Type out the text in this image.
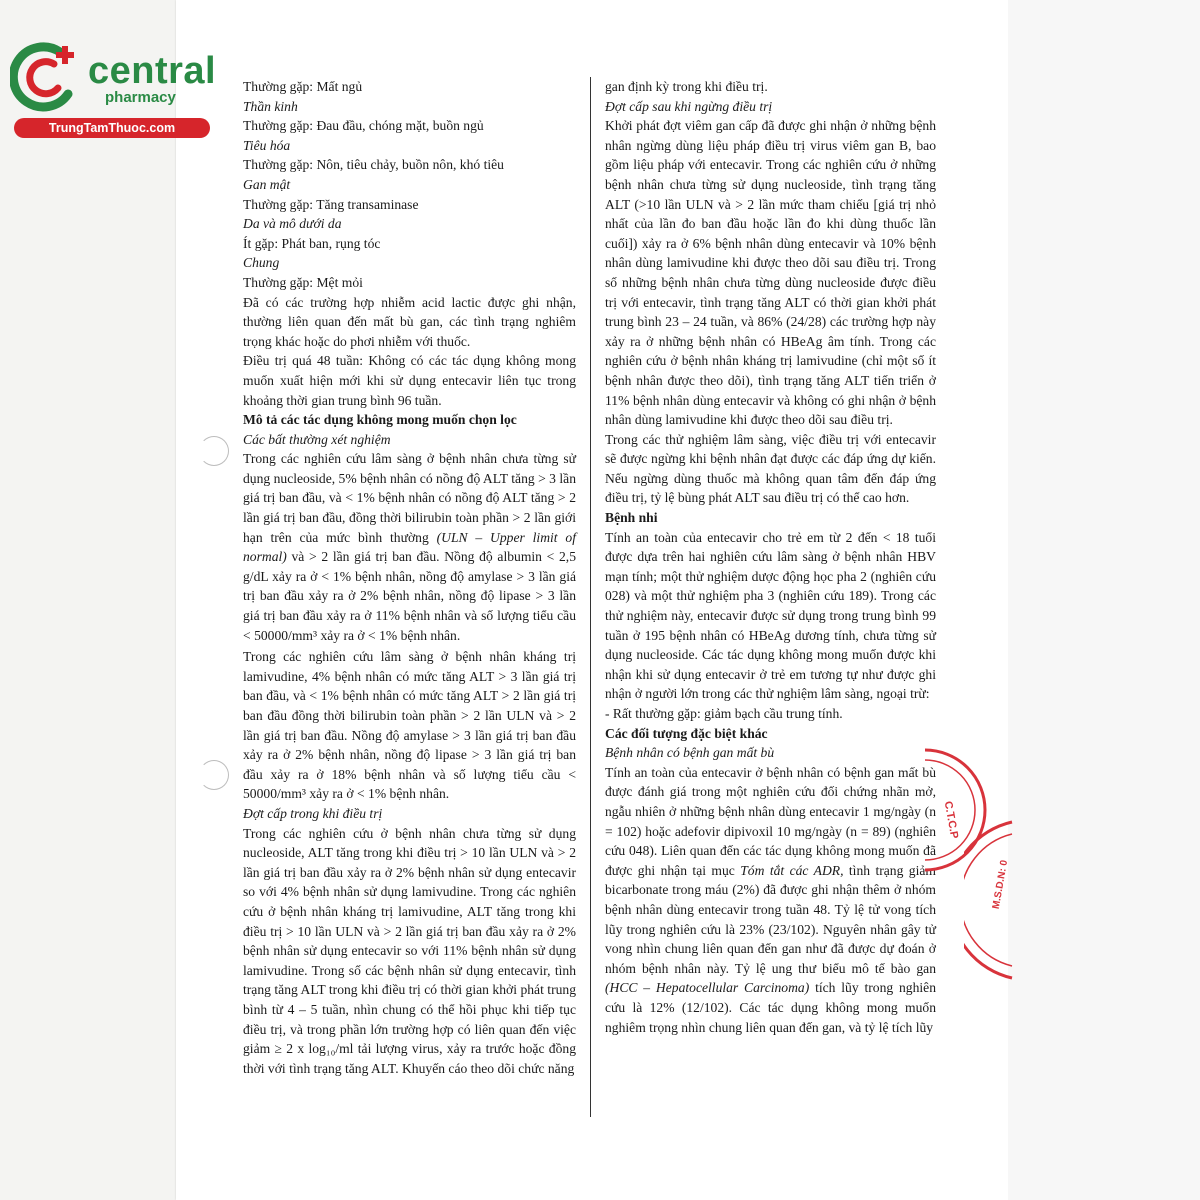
central
pharmacy
TrungTamThuoc.com

Thường gặp: Mất ngủ

Thần kinh

Thường gặp: Đau đầu, chóng mặt, buồn ngủ

Tiêu hóa

Thường gặp: Nôn, tiêu chảy, buồn nôn, khó tiêu

Gan mật

Thường gặp: Tăng transaminase

Da và mô dưới da

Ít gặp: Phát ban, rụng tóc

Chung

Thường gặp: Mệt mỏi

Đã có các trường hợp nhiễm acid lactic được ghi nhận, thường liên quan đến mất bù gan, các tình trạng nghiêm trọng khác hoặc do phơi nhiễm với thuốc.

Điều trị quá 48 tuần: Không có các tác dụng không mong muốn xuất hiện mới khi sử dụng entecavir liên tục trong khoảng thời gian trung bình 96 tuần.

Mô tả các tác dụng không mong muốn chọn lọc

Các bất thường xét nghiệm

Trong các nghiên cứu lâm sàng ở bệnh nhân chưa từng sử dụng nucleoside, 5% bệnh nhân có nồng độ ALT tăng > 3 lần giá trị ban đầu, và < 1% bệnh nhân có nồng độ ALT tăng > 2 lần giá trị ban đầu, đồng thời bilirubin toàn phần > 2 lần giới hạn trên của mức bình thường (ULN – Upper limit of normal) và > 2 lần giá trị ban đầu. Nồng độ albumin < 2,5 g/dL xảy ra ở < 1% bệnh nhân, nồng độ amylase > 3 lần giá trị ban đầu xảy ra ở 2% bệnh nhân, nồng độ lipase > 3 lần giá trị ban đầu xảy ra ở 11% bệnh nhân và số lượng tiểu cầu < 50000/mm³ xảy ra ở < 1% bệnh nhân.

Trong các nghiên cứu lâm sàng ở bệnh nhân kháng trị lamivudine, 4% bệnh nhân có mức tăng ALT > 3 lần giá trị ban đầu, và < 1% bệnh nhân có mức tăng ALT > 2 lần giá trị ban đầu đồng thời bilirubin toàn phần > 2 lần ULN và > 2 lần giá trị ban đầu. Nồng độ amylase > 3 lần giá trị ban đầu xảy ra ở 2% bệnh nhân, nồng độ lipase > 3 lần giá trị ban đầu xảy ra ở 18% bệnh nhân và số lượng tiểu cầu < 50000/mm³ xảy ra ở < 1% bệnh nhân.

Đợt cấp trong khi điều trị

Trong các nghiên cứu ở bệnh nhân chưa từng sử dụng nucleoside, ALT tăng trong khi điều trị > 10 lần ULN và > 2 lần giá trị ban đầu xảy ra ở 2% bệnh nhân sử dụng entecavir so với 4% bệnh nhân sử dụng lamivudine. Trong các nghiên cứu ở bệnh nhân kháng trị lamivudine, ALT tăng trong khi điều trị > 10 lần ULN và > 2 lần giá trị ban đầu xảy ra ở 2% bệnh nhân sử dụng entecavir so với 11% bệnh nhân sử dụng lamivudine. Trong số các bệnh nhân sử dụng entecavir, tình trạng tăng ALT trong khi điều trị có thời gian khởi phát trung bình từ 4 – 5 tuần, nhìn chung có thể hồi phục khi tiếp tục điều trị, và trong phần lớn trường hợp có liên quan đến việc giảm ≥ 2 x log₁₀/ml tải lượng virus, xảy ra trước hoặc đồng thời với tình trạng tăng ALT. Khuyến cáo theo dõi chức năng

gan định kỳ trong khi điều trị.

Đợt cấp sau khi ngừng điều trị

Khởi phát đợt viêm gan cấp đã được ghi nhận ở những bệnh nhân ngừng dùng liệu pháp điều trị virus viêm gan B, bao gồm liệu pháp với entecavir. Trong các nghiên cứu ở những bệnh nhân chưa từng sử dụng nucleoside, tình trạng tăng ALT (>10 lần ULN và > 2 lần mức tham chiếu [giá trị nhỏ nhất của lần đo ban đầu hoặc lần đo khi dùng thuốc lần cuối]) xảy ra ở 6% bệnh nhân dùng entecavir và 10% bệnh nhân dùng lamivudine khi được theo dõi sau điều trị. Trong số những bệnh nhân chưa từng dùng nucleoside được điều trị với entecavir, tình trạng tăng ALT có thời gian khởi phát trung bình 23 – 24 tuần, và 86% (24/28) các trường hợp này xảy ra ở những bệnh nhân có HBeAg âm tính. Trong các nghiên cứu ở bệnh nhân kháng trị lamivudine (chỉ một số ít bệnh nhân được theo dõi), tình trạng tăng ALT tiến triển ở 11% bệnh nhân dùng entecavir và không có ghi nhận ở bệnh nhân dùng lamivudine khi được theo dõi sau điều trị.

Trong các thử nghiệm lâm sàng, việc điều trị với entecavir sẽ được ngừng khi bệnh nhân đạt được các đáp ứng dự kiến. Nếu ngừng dùng thuốc mà không quan tâm đến đáp ứng điều trị, tỷ lệ bùng phát ALT sau điều trị có thể cao hơn.

Bệnh nhi

Tính an toàn của entecavir cho trẻ em từ 2 đến < 18 tuổi được dựa trên hai nghiên cứu lâm sàng ở bệnh nhân HBV mạn tính; một thử nghiệm dược động học pha 2 (nghiên cứu 028) và một thử nghiệm pha 3 (nghiên cứu 189). Trong các thử nghiệm này, entecavir được sử dụng trong trung bình 99 tuần ở 195 bệnh nhân có HBeAg dương tính, chưa từng sử dụng nucleoside. Các tác dụng không mong muốn được khi nhận khi sử dụng entecavir ở trẻ em tương tự như được ghi nhận ở người lớn trong các thử nghiệm lâm sàng, ngoại trừ:

- Rất thường gặp: giảm bạch cầu trung tính.

Các đối tượng đặc biệt khác

Bệnh nhân có bệnh gan mất bù

Tính an toàn của entecavir ở bệnh nhân có bệnh gan mất bù được đánh giá trong một nghiên cứu đối chứng nhãn mở, ngẫu nhiên ở những bệnh nhân dùng entecavir 1 mg/ngày (n = 102) hoặc adefovir dipivoxil 10 mg/ngày (n = 89) (nghiên cứu 048). Liên quan đến các tác dụng không mong muốn đã được ghi nhận tại mục Tóm tắt các ADR, tình trạng giảm bicarbonate trong máu (2%) đã được ghi nhận thêm ở nhóm bệnh nhân dùng entecavir trong tuần 48. Tỷ lệ tử vong tích lũy trong nghiên cứu là 23% (23/102). Nguyên nhân gây tử vong nhìn chung liên quan đến gan như đã được dự đoán ở nhóm bệnh nhân này. Tỷ lệ ung thư biểu mô tế bào gan (HCC – Hepatocellular Carcinoma) tích lũy trong nghiên cứu là 12% (12/102). Các tác dụng không mong muốn nghiêm trọng nhìn chung liên quan đến gan, và tỷ lệ tích lũy

C.T.C.P
M.S.D.N: 0
